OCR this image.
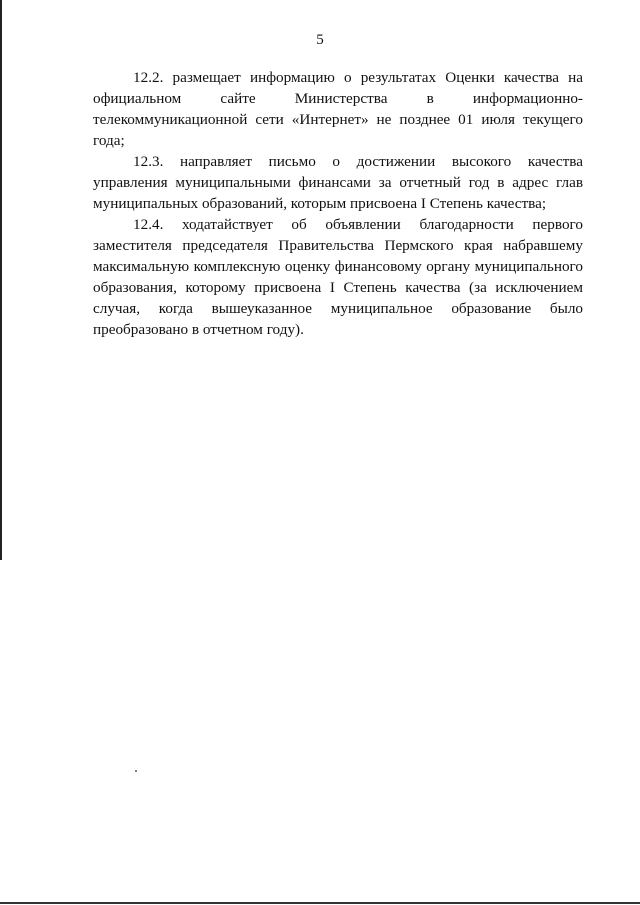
5

12.2. размещает информацию о результатах Оценки качества на официальном сайте Министерства в информационно-телекоммуникационной сети «Интернет» не позднее 01 июля текущего года;

12.3. направляет письмо о достижении высокого качества управления муниципальными финансами за отчетный год в адрес глав муниципальных образований, которым присвоена I Степень качества;

12.4. ходатайствует об объявлении благодарности первого заместителя председателя Правительства Пермского края набравшему максимальную комплексную оценку финансовому органу муниципального образования, которому присвоена I Степень качества (за исключением случая, когда вышеуказанное муниципальное образование было преобразовано в отчетном году).
